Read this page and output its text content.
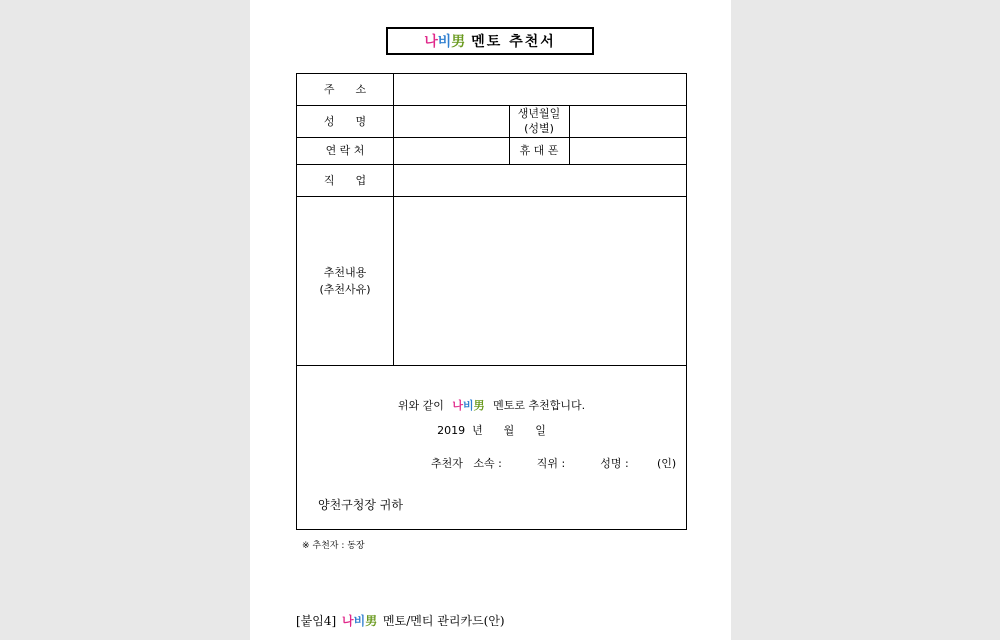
나 비 男 멘토 추천서
주      소
성      명
생년월일
(성별)
연 락 처	휴 대 폰
직      업
추천내용
(추천사유)
위와 같이 나 비 男 멘토로 추천합니다.
2019  년      월      일
추천자   소속 :          직위 :          성명 :	(인)
양천구청장 귀하
※ 추천자 : 동장
[붙임4] 나 비 男 멘토/멘티 관리카드(안)
